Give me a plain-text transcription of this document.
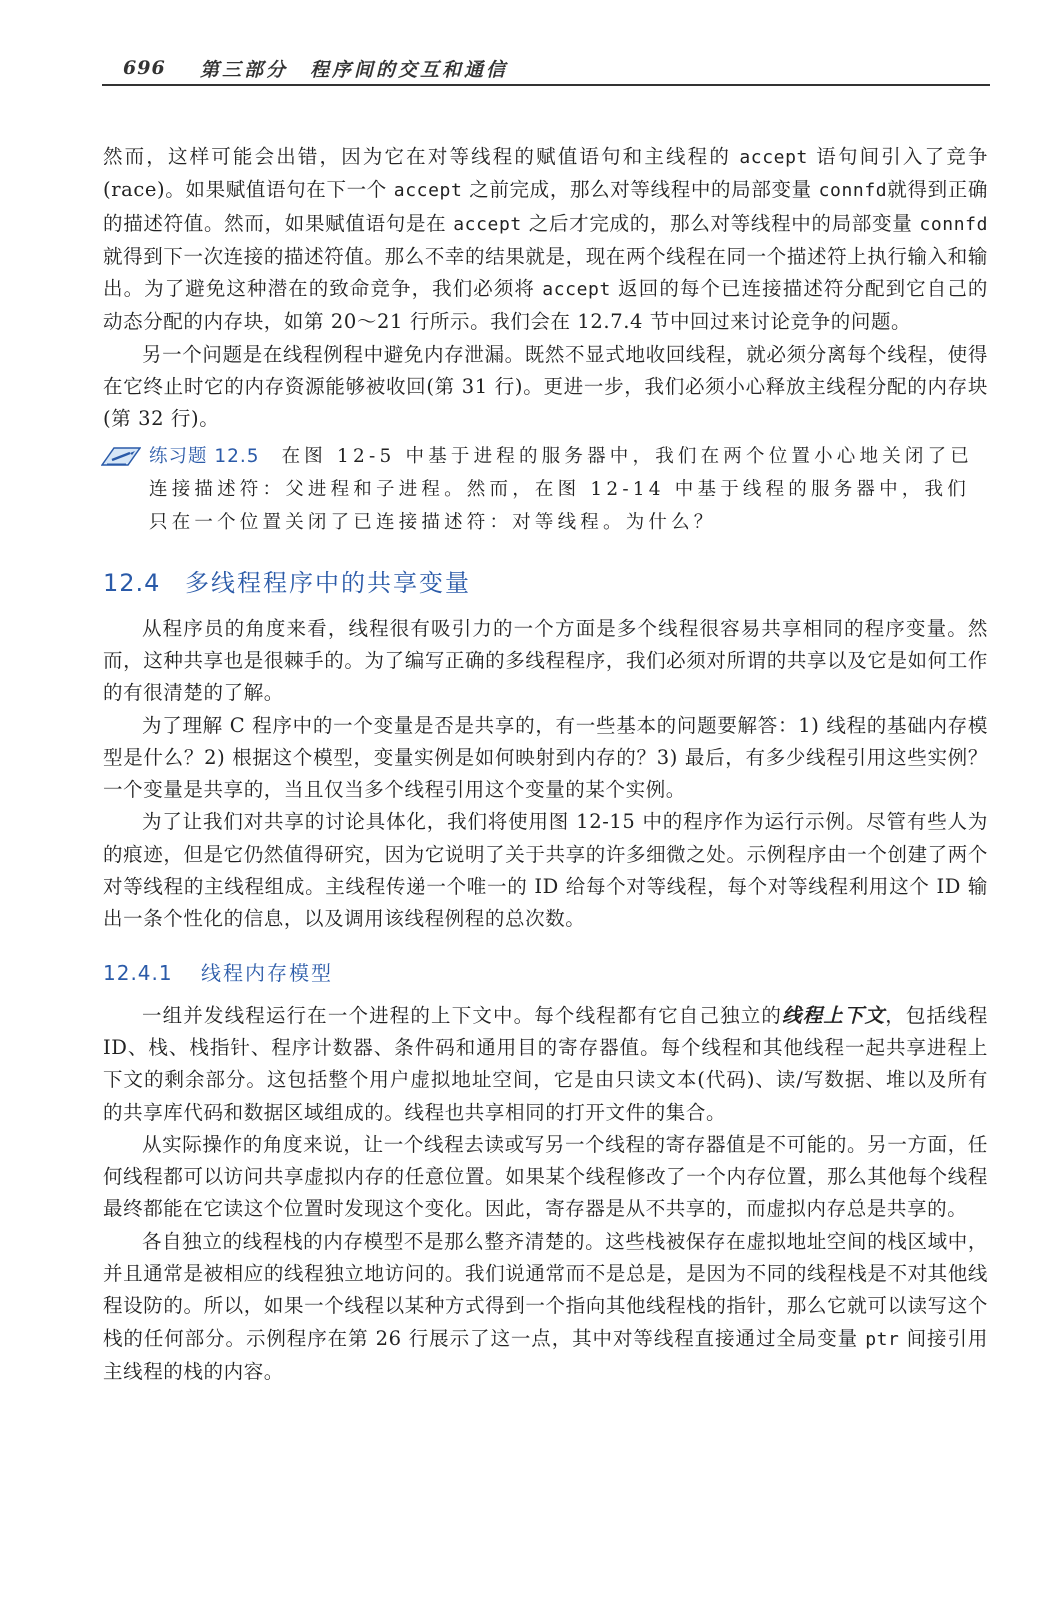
696 第三部分 程序间的交互和通信

然而，这样可能会出错，因为它在对等线程的赋值语句和主线程的 accept 语句间引入了竞争(race)。如果赋值语句在下一个 accept 之前完成，那么对等线程中的局部变量 connfd就得到正确的描述符值。然而，如果赋值语句是在 accept 之后才完成的，那么对等线程中的局部变量 connfd 就得到下一次连接的描述符值。那么不幸的结果就是，现在两个线程在同一个描述符上执行输入和输出。为了避免这种潜在的致命竞争，我们必须将 accept 返回的每个已连接描述符分配到它自己的动态分配的内存块，如第 20～21 行所示。我们会在 12.7.4 节中回过来讨论竞争的问题。

另一个问题是在线程例程中避免内存泄漏。既然不显式地收回线程，就必须分离每个线程，使得在它终止时它的内存资源能够被收回(第 31 行)。更进一步，我们必须小心释放主线程分配的内存块(第 32 行)。

练习题 12.5 在图 12-5 中基于进程的服务器中，我们在两个位置小心地关闭了已连接描述符：父进程和子进程。然而，在图 12-14 中基于线程的服务器中，我们只在一个位置关闭了已连接描述符：对等线程。为什么？
12.4 多线程程序中的共享变量

从程序员的角度来看，线程很有吸引力的一个方面是多个线程很容易共享相同的程序变量。然而，这种共享也是很棘手的。为了编写正确的多线程程序，我们必须对所谓的共享以及它是如何工作的有很清楚的了解。

为了理解 C 程序中的一个变量是否是共享的，有一些基本的问题要解答：1) 线程的基础内存模型是什么？2) 根据这个模型，变量实例是如何映射到内存的？3) 最后，有多少线程引用这些实例？一个变量是共享的，当且仅当多个线程引用这个变量的某个实例。

为了让我们对共享的讨论具体化，我们将使用图 12-15 中的程序作为运行示例。尽管有些人为的痕迹，但是它仍然值得研究，因为它说明了关于共享的许多细微之处。示例程序由一个创建了两个对等线程的主线程组成。主线程传递一个唯一的 ID 给每个对等线程，每个对等线程利用这个 ID 输出一条个性化的信息，以及调用该线程例程的总次数。

12.4.1 线程内存模型

一组并发线程运行在一个进程的上下文中。每个线程都有它自己独立的线程上下文，包括线程 ID、栈、栈指针、程序计数器、条件码和通用目的寄存器值。每个线程和其他线程一起共享进程上下文的剩余部分。这包括整个用户虚拟地址空间，它是由只读文本(代码)、读/写数据、堆以及所有的共享库代码和数据区域组成的。线程也共享相同的打开文件的集合。

从实际操作的角度来说，让一个线程去读或写另一个线程的寄存器值是不可能的。另一方面，任何线程都可以访问共享虚拟内存的任意位置。如果某个线程修改了一个内存位置，那么其他每个线程最终都能在它读这个位置时发现这个变化。因此，寄存器是从不共享的，而虚拟内存总是共享的。

各自独立的线程栈的内存模型不是那么整齐清楚的。这些栈被保存在虚拟地址空间的栈区域中，并且通常是被相应的线程独立地访问的。我们说通常而不是总是，是因为不同的线程栈是不对其他线程设防的。所以，如果一个线程以某种方式得到一个指向其他线程栈的指针，那么它就可以读写这个栈的任何部分。示例程序在第 26 行展示了这一点，其中对等线程直接通过全局变量 ptr 间接引用主线程的栈的内容。
